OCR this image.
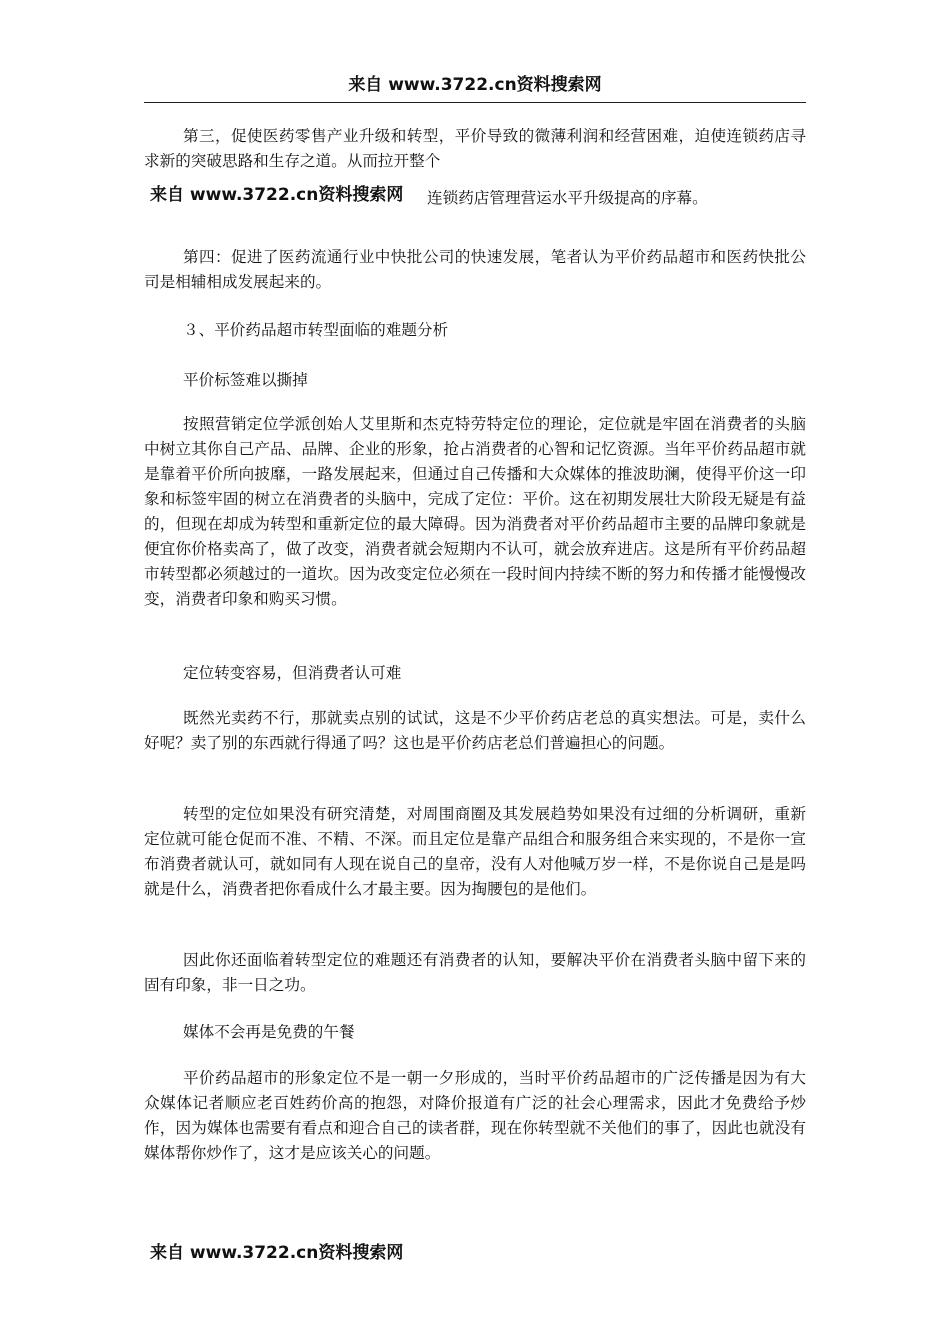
来自 www.3722.cn资料搜索网

第三，促使医药零售产业升级和转型，平价导致的微薄利润和经营困难，迫使连锁药店寻求新的突破思路和生存之道。从而拉开整个

来自 www.3722.cn资料搜索网 连锁药店管理营运水平升级提高的序幕。

第四：促进了医药流通行业中快批公司的快速发展，笔者认为平价药品超市和医药快批公司是相辅相成发展起来的。

３、平价药品超市转型面临的难题分析

平价标签难以撕掉

按照营销定位学派创始人艾里斯和杰克特劳特定位的理论，定位就是牢固在消费者的头脑中树立其你自己产品、品牌、企业的形象，抢占消费者的心智和记忆资源。当年平价药品超市就是靠着平价所向披靡，一路发展起来，但通过自己传播和大众媒体的推波助澜，使得平价这一印象和标签牢固的树立在消费者的头脑中，完成了定位：平价。这在初期发展壮大阶段无疑是有益的，但现在却成为转型和重新定位的最大障碍。因为消费者对平价药品超市主要的品牌印象就是便宜你价格卖高了，做了改变，消费者就会短期内不认可，就会放弃进店。这是所有平价药品超市转型都必须越过的一道坎。因为改变定位必须在一段时间内持续不断的努力和传播才能慢慢改变，消费者印象和购买习惯。

定位转变容易，但消费者认可难

既然光卖药不行，那就卖点别的试试，这是不少平价药店老总的真实想法。可是，卖什么好呢？卖了别的东西就行得通了吗？这也是平价药店老总们普遍担心的问题。

转型的定位如果没有研究清楚，对周围商圈及其发展趋势如果没有过细的分析调研，重新定位就可能仓促而不准、不精、不深。而且定位是靠产品组合和服务组合来实现的，不是你一宣布消费者就认可，就如同有人现在说自己的皇帝，没有人对他喊万岁一样，不是你说自己是是吗就是什么，消费者把你看成什么才最主要。因为掏腰包的是他们。

因此你还面临着转型定位的难题还有消费者的认知，要解决平价在消费者头脑中留下来的固有印象，非一日之功。

媒体不会再是免费的午餐

平价药品超市的形象定位不是一朝一夕形成的，当时平价药品超市的广泛传播是因为有大众媒体记者顺应老百姓药价高的抱怨，对降价报道有广泛的社会心理需求，因此才免费给予炒作，因为媒体也需要有看点和迎合自己的读者群，现在你转型就不关他们的事了，因此也就没有媒体帮你炒作了，这才是应该关心的问题。

来自 www.3722.cn资料搜索网
